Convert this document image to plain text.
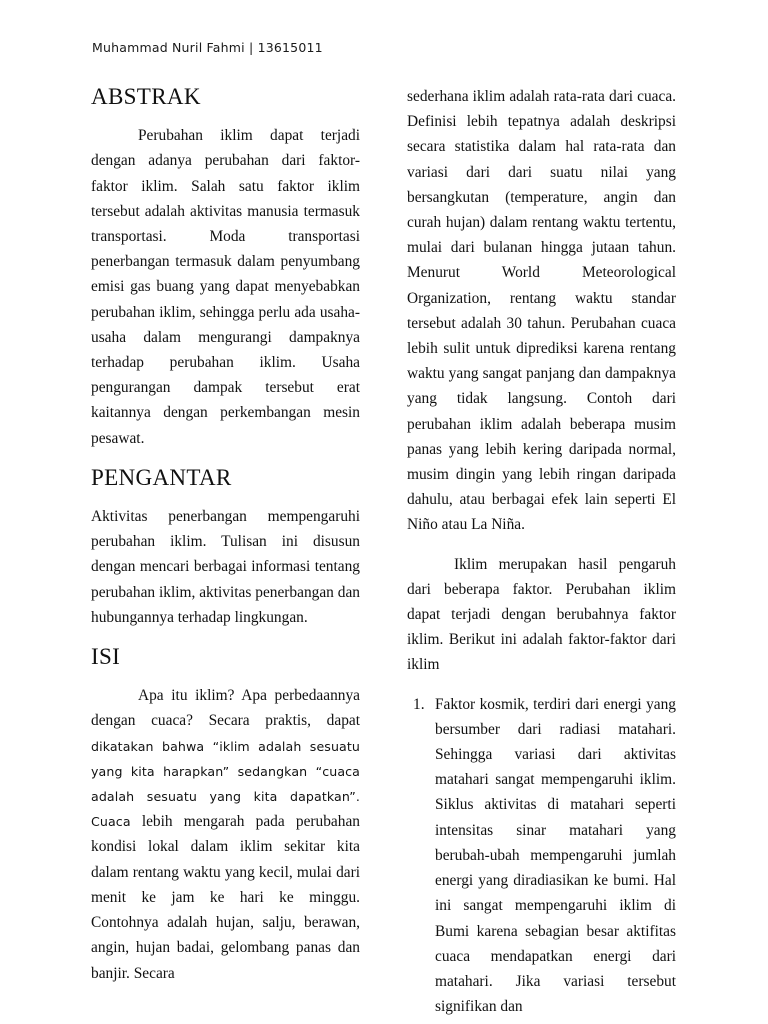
Muhammad Nuril Fahmi | 13615011
ABSTRAK

Perubahan iklim dapat terjadi dengan adanya perubahan dari faktor-faktor iklim. Salah satu faktor iklim tersebut adalah aktivitas manusia termasuk transportasi. Moda transportasi penerbangan termasuk dalam penyumbang emisi gas buang yang dapat menyebabkan perubahan iklim, sehingga perlu ada usaha-usaha dalam mengurangi dampaknya terhadap perubahan iklim. Usaha pengurangan dampak tersebut erat kaitannya dengan perkembangan mesin pesawat.

PENGANTAR

Aktivitas penerbangan mempengaruhi perubahan iklim. Tulisan ini disusun dengan mencari berbagai informasi tentang perubahan iklim, aktivitas penerbangan dan hubungannya terhadap lingkungan.

ISI

Apa itu iklim? Apa perbedaannya dengan cuaca? Secara praktis, dapat dikatakan bahwa “iklim adalah sesuatu yang kita harapkan” sedangkan “cuaca adalah sesuatu yang kita dapatkan”. Cuaca lebih mengarah pada perubahan kondisi lokal dalam iklim sekitar kita dalam rentang waktu yang kecil, mulai dari menit ke jam ke hari ke minggu. Contohnya adalah hujan, salju, berawan, angin, hujan badai, gelombang panas dan banjir. Secara

sederhana iklim adalah rata-rata dari cuaca. Definisi lebih tepatnya adalah deskripsi secara statistika dalam hal rata-rata dan variasi dari dari suatu nilai yang bersangkutan (temperature, angin dan curah hujan) dalam rentang waktu tertentu, mulai dari bulanan hingga jutaan tahun. Menurut World Meteorological Organization, rentang waktu standar tersebut adalah 30 tahun. Perubahan cuaca lebih sulit untuk diprediksi karena rentang waktu yang sangat panjang dan dampaknya yang tidak langsung. Contoh dari perubahan iklim adalah beberapa musim panas yang lebih kering daripada normal, musim dingin yang lebih ringan daripada dahulu, atau berbagai efek lain seperti El Niño atau La Niña.

Iklim merupakan hasil pengaruh dari beberapa faktor. Perubahan iklim dapat terjadi dengan berubahnya faktor iklim. Berikut ini adalah faktor-faktor dari iklim

1. Faktor kosmik, terdiri dari energi yang bersumber dari radiasi matahari. Sehingga variasi dari aktivitas matahari sangat mempengaruhi iklim. Siklus aktivitas di matahari seperti intensitas sinar matahari yang berubah-ubah mempengaruhi jumlah energi yang diradiasikan ke bumi. Hal ini sangat mempengaruhi iklim di Bumi karena sebagian besar aktifitas cuaca mendapatkan energi dari matahari. Jika variasi tersebut signifikan dan
